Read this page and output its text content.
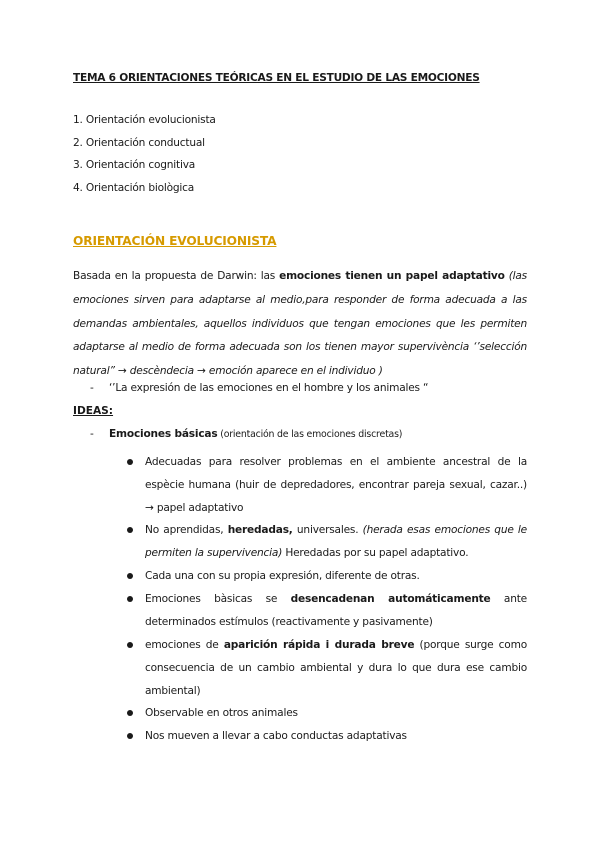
TEMA 6 ORIENTACIONES TEÓRICAS EN EL ESTUDIO DE LAS EMOCIONES
1. Orientación evolucionista
2. Orientación conductual
3. Orientación cognitiva
4. Orientación biològica
ORIENTACIÓN EVOLUCIONISTA
Basada en la propuesta de Darwin: las emociones tienen un papel adaptativo (las emociones sirven para adaptarse al medio,para responder de forma adecuada a las demandas ambientales, aquellos individuos que tengan emociones que les permiten adaptarse al medio de forma adecuada son los tienen mayor supervivència ‘’selección natural” → descèndecia → emoción aparece en el individuo )
- ‘’La expresión de las emociones en el hombre y los animales “
IDEAS:
- Emociones básicas (orientación de las emociones discretas)
Adecuadas para resolver problemas en el ambiente ancestral de la espècie humana (huir de depredadores, encontrar pareja sexual, cazar..) → papel adaptativo
No aprendidas, heredadas, universales. (herada esas emociones que le permiten la supervivencia) Heredadas por su papel adaptativo.
Cada una con su propia expresión, diferente de otras.
Emociones bàsicas se desencadenan automáticamente ante determinados estímulos (reactivamente y pasivamente)
emociones de aparición rápida i durada breve (porque surge como consecuencia de un cambio ambiental y dura lo que dura ese cambio ambiental)
Observable en otros animales
Nos mueven a llevar a cabo conductas adaptativas
